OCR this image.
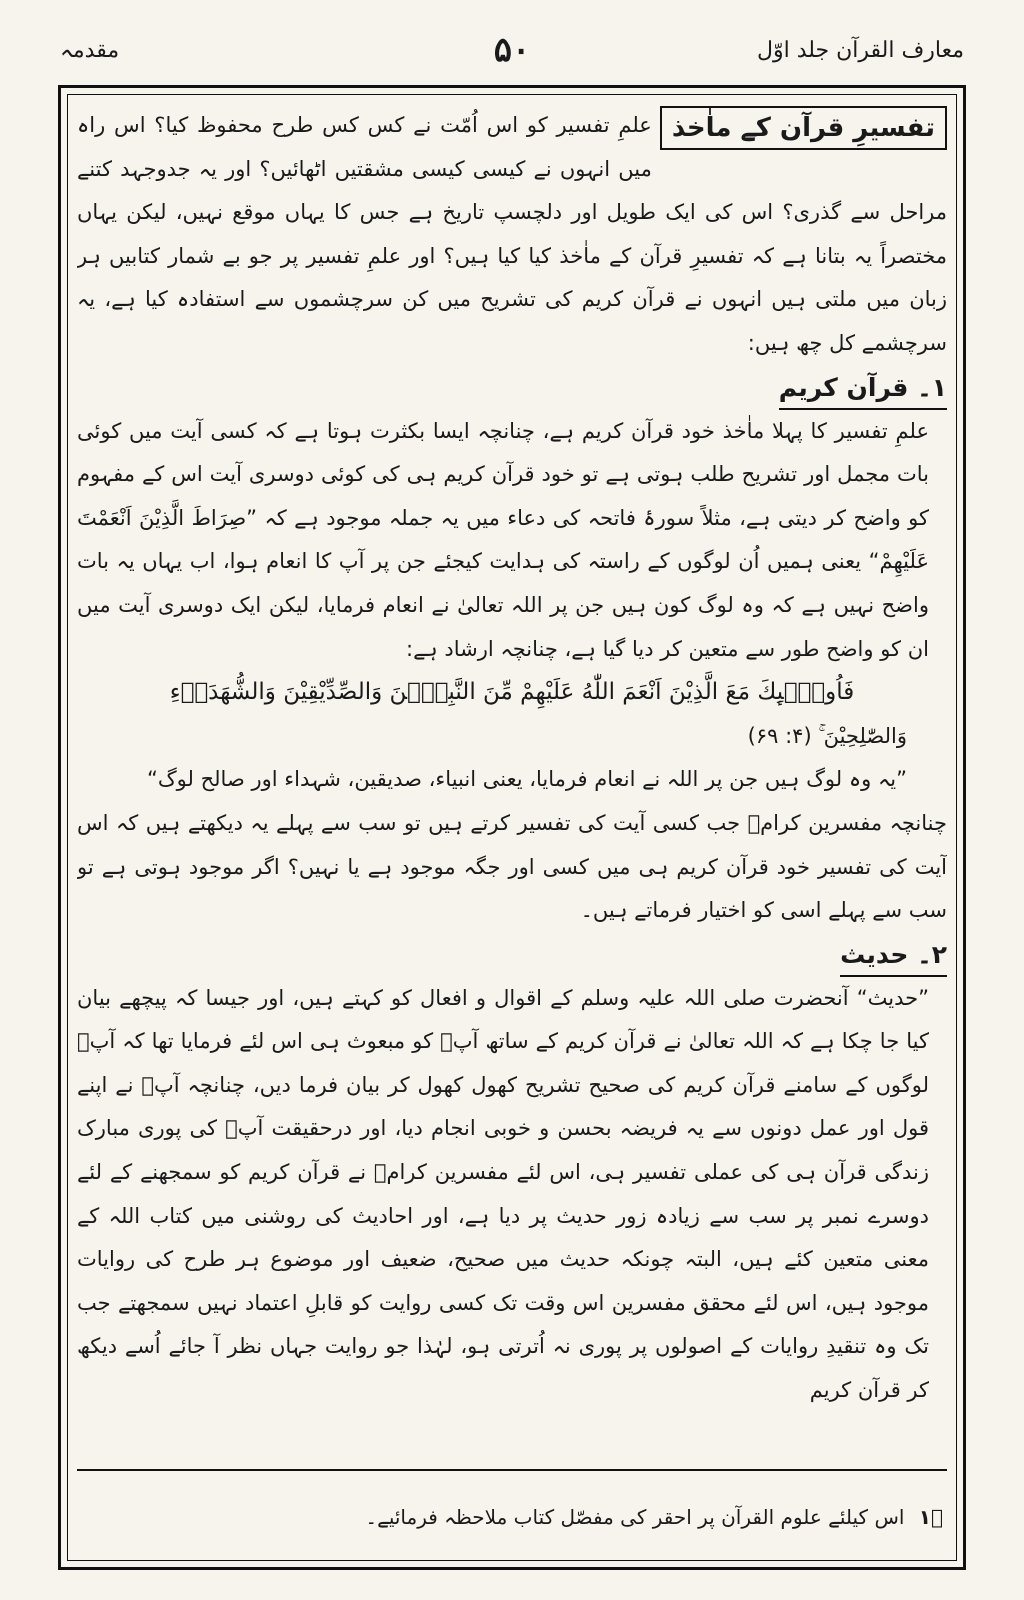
معارف القرآن جلد اوّل
۵۰
مقدمہ

تفسیرِ قرآن کے ماٰخذ
علمِ تفسیر کو اس اُمّت نے کس کس طرح محفوظ کیا؟ اس راہ میں انہوں نے کیسی کیسی مشقتیں اٹھائیں؟ اور یہ جدوجہد کتنے مراحل سے گذری؟ اس کی ایک طویل اور دلچسپ تاریخ ہے جس کا یہاں موقع نہیں، لیکن یہاں مختصراً یہ بتانا ہے کہ تفسیرِ قرآن کے ماٰخذ کیا کیا ہیں؟ اور علمِ تفسیر پر جو بے شمار کتابیں ہر زبان میں ملتی ہیں انہوں نے قرآن کریم کی تشریح میں کن سرچشموں سے استفادہ کیا ہے، یہ سرچشمے کل چھ ہیں:

۱۔ قرآن کریم

علمِ تفسیر کا پہلا ماٰخذ خود قرآن کریم ہے، چنانچہ ایسا بکثرت ہوتا ہے کہ کسی آیت میں کوئی بات مجمل اور تشریح طلب ہوتی ہے تو خود قرآن کریم ہی کی کوئی دوسری آیت اس کے مفہوم کو واضح کر دیتی ہے، مثلاً سورۂ فاتحہ کی دعاء میں یہ جملہ موجود ہے کہ ”صِرَاطَ الَّذِيْنَ اَنْعَمْتَ عَلَيْهِمْ“ یعنی ہمیں اُن لوگوں کے راستہ کی ہدایت کیجئے جن پر آپ کا انعام ہوا، اب یہاں یہ بات واضح نہیں ہے کہ وہ لوگ کون ہیں جن پر اللہ تعالیٰ نے انعام فرمایا، لیکن ایک دوسری آیت میں ان کو واضح طور سے متعین کر دیا گیا ہے، چنانچہ ارشاد ہے:

فَاُولٰۤىِٕكَ مَعَ الَّذِيْنَ اَنْعَمَ اللّٰهُ عَلَيْهِمْ مِّنَ النَّبِيّٖنَ وَالصِّدِّيْقِيْنَ وَالشُّهَدَاۤءِ

وَالصّٰلِحِيْنَ ۚ (۴: ۶۹)

”یہ وہ لوگ ہیں جن پر اللہ نے انعام فرمایا، یعنی انبیاء، صدیقین، شہداء اور صالح لوگ“

چنانچہ مفسرین کرامؒ جب کسی آیت کی تفسیر کرتے ہیں تو سب سے پہلے یہ دیکھتے ہیں کہ اس آیت کی تفسیر خود قرآن کریم ہی میں کسی اور جگہ موجود ہے یا نہیں؟ اگر موجود ہوتی ہے تو سب سے پہلے اسی کو اختیار فرماتے ہیں۔

۲۔ حدیث

”حدیث“ آنحضرت صلی اللہ علیہ وسلم کے اقوال و افعال کو کہتے ہیں، اور جیسا کہ پیچھے بیان کیا جا چکا ہے کہ اللہ تعالیٰ نے قرآن کریم کے ساتھ آپؐ کو مبعوث ہی اس لئے فرمایا تھا کہ آپؐ لوگوں کے سامنے قرآن کریم کی صحیح تشریح کھول کھول کر بیان فرما دیں، چنانچہ آپؐ نے اپنے قول اور عمل دونوں سے یہ فریضہ بحسن و خوبی انجام دیا، اور درحقیقت آپؐ کی پوری مبارک زندگی قرآن ہی کی عملی تفسیر ہی، اس لئے مفسرین کرامؒ نے قرآن کریم کو سمجھنے کے لئے دوسرے نمبر پر سب سے زیادہ زور حدیث پر دیا ہے، اور احادیث کی روشنی میں کتاب اللہ کے معنی متعین کئے ہیں، البتہ چونکہ حدیث میں صحیح، ضعیف اور موضوع ہر طرح کی روایات موجود ہیں، اس لئے محقق مفسرین اس وقت تک کسی روایت کو قابلِ اعتماد نہیں سمجھتے جب تک وہ تنقیدِ روایات کے اصولوں پر پوری نہ اُترتی ہو، لہٰذا جو روایت جہاں نظر آ جائے اُسے دیکھ کر قرآن کریم

۱ؔ اس کیلئے علوم القرآن پر احقر کی مفصّل کتاب ملاحظہ فرمائیے۔
